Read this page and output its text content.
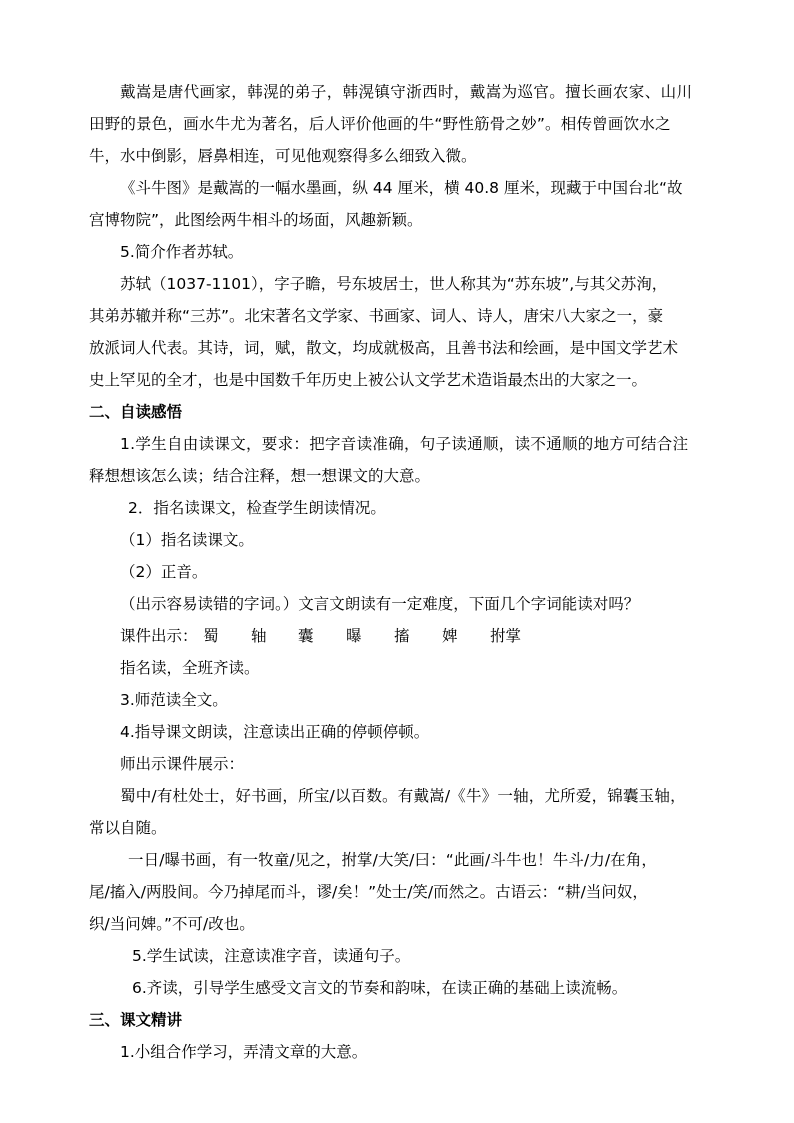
戴嵩是唐代画家，韩滉的弟子，韩滉镇守浙西时，戴嵩为巡官。擅长画农家、山川
田野的景色，画水牛尤为著名，后人评价他画的牛“野性筋骨之妙”。相传曾画饮水之
牛，水中倒影，唇鼻相连，可见他观察得多么细致入微。
《斗牛图》是戴嵩的一幅水墨画，纵 44 厘米，横 40.8 厘米，现藏于中国台北“故
宫博物院”，此图绘两牛相斗的场面，风趣新颖。
5.简介作者苏轼。
苏轼（1037-1101），字子瞻，号东坡居士，世人称其为“苏东坡”,与其父苏洵，
其弟苏辙并称“三苏”。北宋著名文学家、书画家、词人、诗人，唐宋八大家之一，豪
放派词人代表。其诗，词，赋，散文，均成就极高，且善书法和绘画，是中国文学艺术
史上罕见的全才，也是中国数千年历史上被公认文学艺术造诣最杰出的大家之一。
二、自读感悟
1.学生自由读课文，要求：把字音读准确，句子读通顺，读不通顺的地方可结合注
释想想该怎么读；结合注释，想一想课文的大意。
2．指名读课文，检查学生朗读情况。
（1）指名读课文。
（2）正音。
（出示容易读错的字词。）文言文朗读有一定难度，下面几个字词能读对吗？
课件出示： 蜀 轴 囊 曝 搐 婢 拊掌
指名读，全班齐读。
3.师范读全文。
4.指导课文朗读，注意读出正确的停顿停顿。
师出示课件展示：
蜀中/有杜处士，好书画，所宝/以百数。有戴嵩/《牛》一轴，尤所爱，锦囊玉轴，
常以自随。
一日/曝书画，有一牧童/见之，拊掌/大笑/曰：“此画/斗牛也！牛斗/力/在角，
尾/搐入/两股间。今乃掉尾而斗，谬/矣！”处士/笑/而然之。古语云：“耕/当问奴，
织/当问婢。”不可/改也。
5.学生试读，注意读准字音，读通句子。
6.齐读，引导学生感受文言文的节奏和韵味，在读正确的基础上读流畅。
三、课文精讲
1.小组合作学习，弄清文章的大意。
